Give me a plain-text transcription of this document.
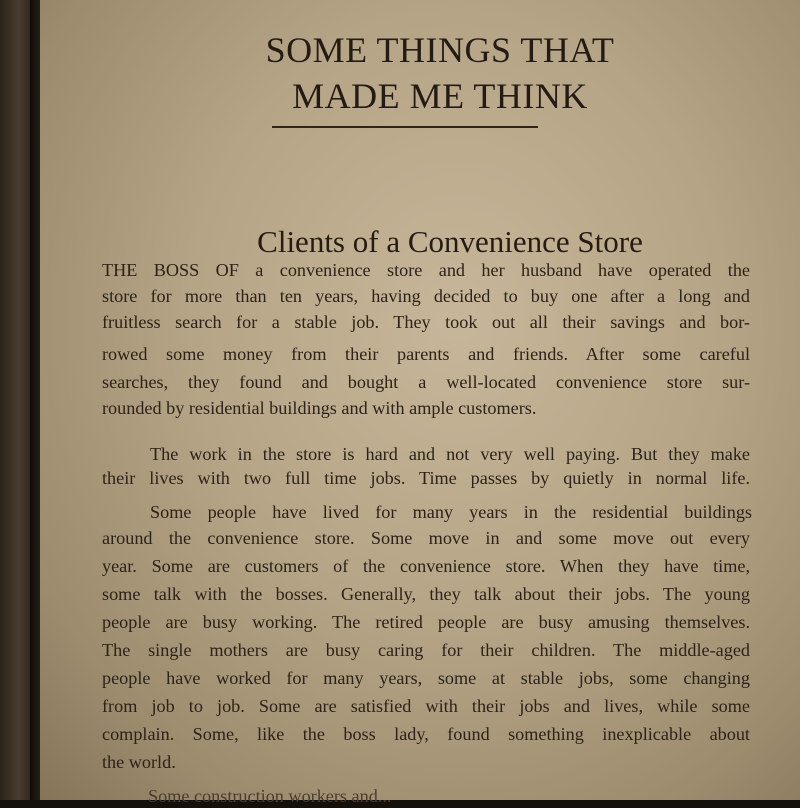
SOME THINGS THAT
MADE ME THINK
Clients of a Convenience Store
THE BOSS OF a convenience store and her husband have operated the
store for more than ten years, having decided to buy one after a long and
fruitless search for a stable job. They took out all their savings and bor-
rowed some money from their parents and friends. After some careful
searches, they found and bought a well-located convenience store sur-
rounded by residential buildings and with ample customers.
The work in the store is hard and not very well paying. But they make
their lives with two full time jobs. Time passes by quietly in normal life.
Some people have lived for many years in the residential buildings
around the convenience store. Some move in and some move out every
year. Some are customers of the convenience store. When they have time,
some talk with the bosses. Generally, they talk about their jobs. The young
people are busy working. The retired people are busy amusing themselves.
The single mothers are busy caring for their children. The middle-aged
people have worked for many years, some at stable jobs, some changing
from job to job. Some are satisfied with their jobs and lives, while some
complain. Some, like the boss lady, found something inexplicable about
the world.
Some construction workers and...
